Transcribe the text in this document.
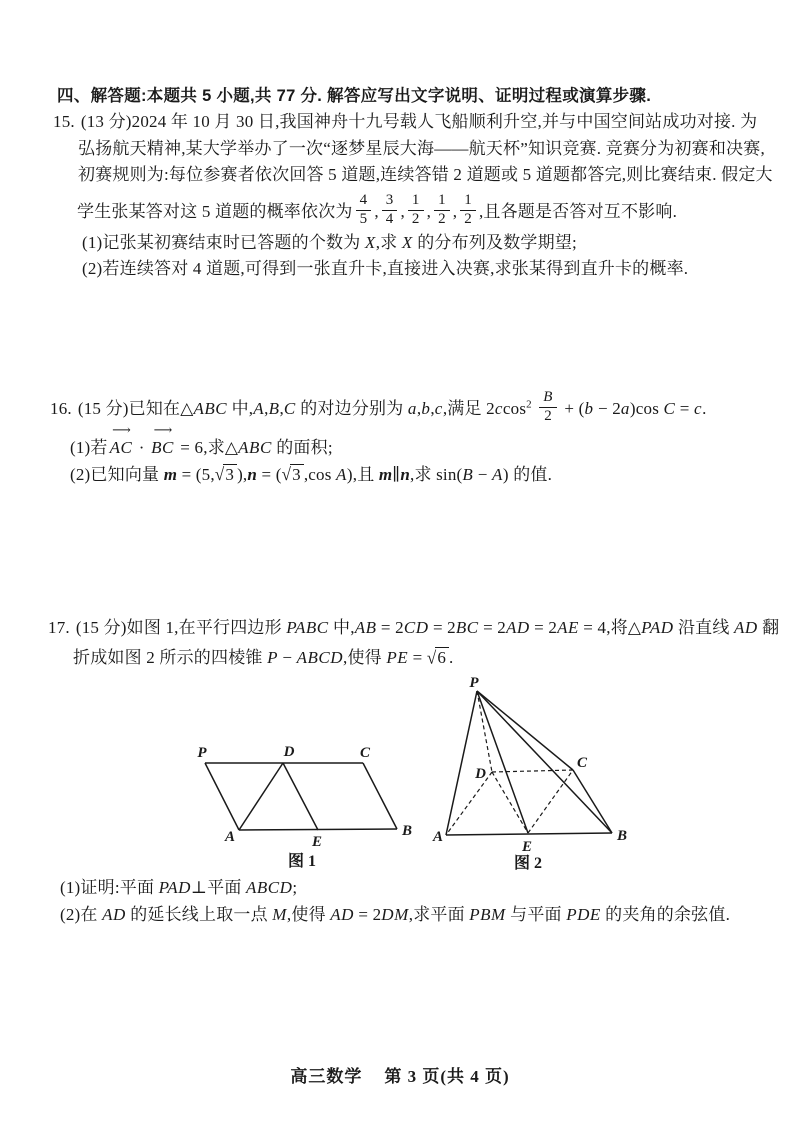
四、解答题:本题共 5 小题,共 77 分. 解答应写出文字说明、证明过程或演算步骤.
15. (13 分)2024 年 10 月 30 日,我国神舟十九号载人飞船顺利升空,并与中国空间站成功对接. 为
弘扬航天精神,某大学举办了一次“逐梦星辰大海——航天杯”知识竞赛. 竞赛分为初赛和决赛,
初赛规则为:每位参赛者依次回答 5 道题,连续答错 2 道题或 5 道题都答完,则比赛结束. 假定大
学生张某答对这 5 道题的概率依次为 $\frac{4}{5}$ , $\frac{3}{4}$ , $\frac{1}{2}$ , $\frac{1}{2}$ , $\frac{1}{2}$ ,且各题是否答对互不影响.
(1)记张某初赛结束时已答题的个数为 X,求 X 的分布列及数学期望;
(2)若连续答对 4 道题,可得到一张直升卡,直接进入决赛,求张某得到直升卡的概率.
16. (15 分)已知在△ABC 中,A,B,C 的对边分别为 a,b,c,满足 $2ccos^2 \frac{B}{2} + (b - 2a)\cos$ C = c.
(1)若
⟶
AC ·
⟶
BC = 6,求△ABC 的面积;
(2)已知向量 m = (5,√3 ),n = (√3 ,cos A),且 m∥n,求 sin(B − A) 的值.
17. (15 分)如图 1,在平行四边形 PABC 中,AB = 2CD = 2BC = 2AD = 2AE = 4,将△PAD 沿直线 AD 翻
折成如图 2 所示的四棱锥 P − ABCD,使得 PE = √6 .
P	D	C
A	E
B
图 1
P
D
C
A
E
B
图 2
(1)证明:平面 PAD⊥平面 ABCD;
(2)在 AD 的延长线上取一点 M,使得 AD = 2DM,求平面 PBM 与平面 PDE 的夹角的余弦值.
高三数学 第 3 页(共 4 页)
